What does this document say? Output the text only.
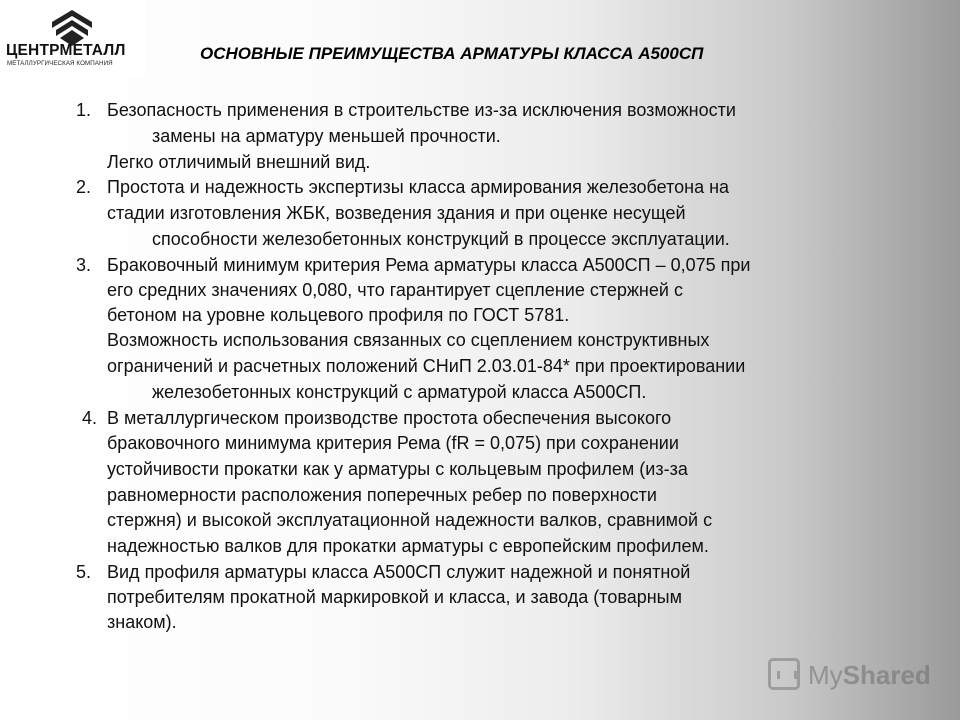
ЦЕНТРМЕТАЛЛ
МЕТАЛЛУРГИЧЕСКАЯ КОМПАНИЯ
ОСНОВНЫЕ ПРЕИМУЩЕСТВА АРМАТУРЫ КЛАССА А500СП
1. Безопасность применения в строительстве из-за исключения возможности
замены на арматуру меньшей прочности.
Легко отличимый внешний вид.
2. Простота и надежность экспертизы класса армирования железобетона на
стадии изготовления ЖБК, возведения здания и при оценке несущей
способности железобетонных конструкций в процессе эксплуатации.
3. Браковочный минимум критерия Рема арматуры класса А500СП – 0,075 при
его средних значениях 0,080, что гарантирует сцепление стержней с
бетоном на уровне кольцевого профиля по ГОСТ 5781.
Возможность использования связанных со сцеплением конструктивных
ограничений и расчетных положений СНиП 2.03.01-84* при проектировании
железобетонных конструкций с арматурой класса А500СП.
4. В металлургическом производстве простота обеспечения высокого
браковочного минимума критерия Рема (fR = 0,075) при сохранении
устойчивости прокатки как у арматуры с кольцевым профилем (из-за
равномерности расположения поперечных ребер по поверхности
стержня) и высокой эксплуатационной надежности валков, сравнимой с
надежностью валков для прокатки арматуры с европейским профилем.
5. Вид профиля арматуры класса А500СП служит надежной и понятной
потребителям прокатной маркировкой и класса, и завода (товарным
знаком).
MyShared
